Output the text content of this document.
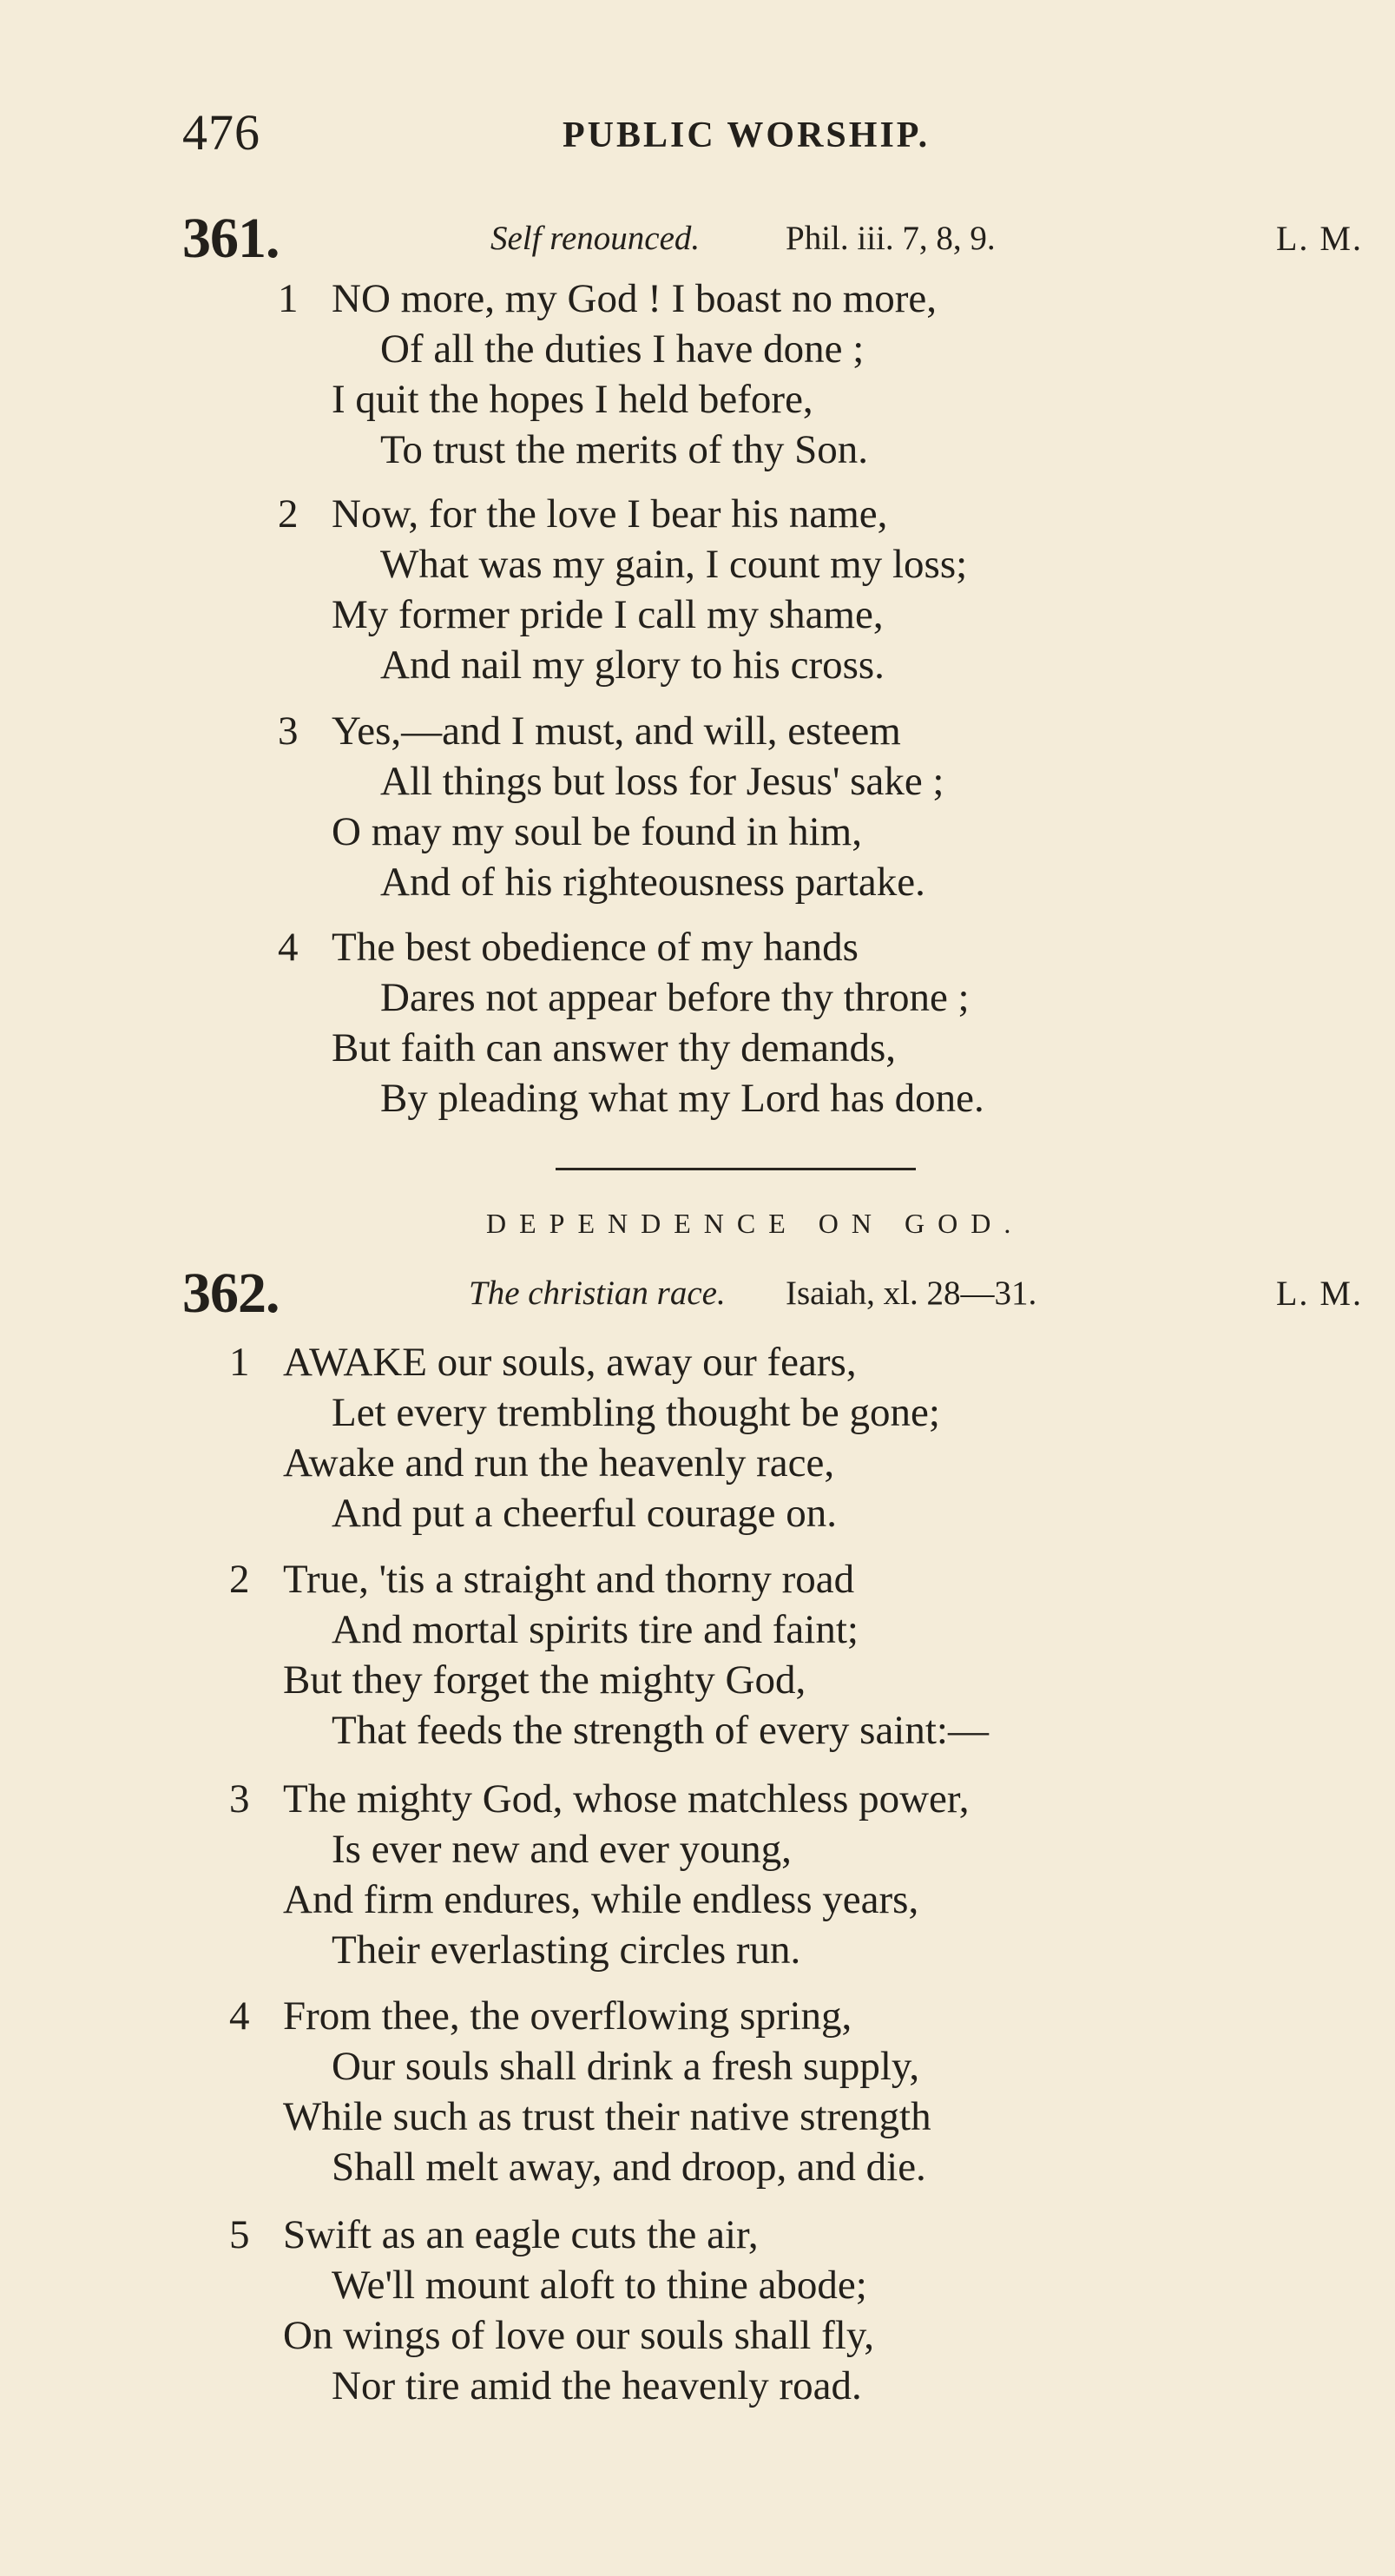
476	PUBLIC WORSHIP.
361.	Self renounced.	Phil. iii. 7, 8, 9.	L. M.
1 NO more, my God ! I boast no more,
Of all the duties I have done ;
I quit the hopes I held before,
To trust the merits of thy Son.
2 Now, for the love I bear his name,
What was my gain, I count my loss;
My former pride I call my shame,
And nail my glory to his cross.
3 Yes,—and I must, and will, esteem
All things but loss for Jesus' sake ;
O may my soul be found in him,
And of his righteousness partake.
4 The best obedience of my hands
Dares not appear before thy throne ;
But faith can answer thy demands,
By pleading what my Lord has done.
DEPENDENCE ON GOD.
362.	The christian race. Isaiah, xl. 28—31.	L. M.
1 AWAKE our souls, away our fears,
Let every trembling thought be gone;
Awake and run the heavenly race,
And put a cheerful courage on.
2 True, 'tis a straight and thorny road
And mortal spirits tire and faint;
But they forget the mighty God,
That feeds the strength of every saint:—
3 The mighty God, whose matchless power,
Is ever new and ever young,
And firm endures, while endless years,
Their everlasting circles run.
4 From thee, the overflowing spring,
Our souls shall drink a fresh supply,
While such as trust their native strength
Shall melt away, and droop, and die.
5 Swift as an eagle cuts the air,
We'll mount aloft to thine abode;
On wings of love our souls shall fly,
Nor tire amid the heavenly road.
